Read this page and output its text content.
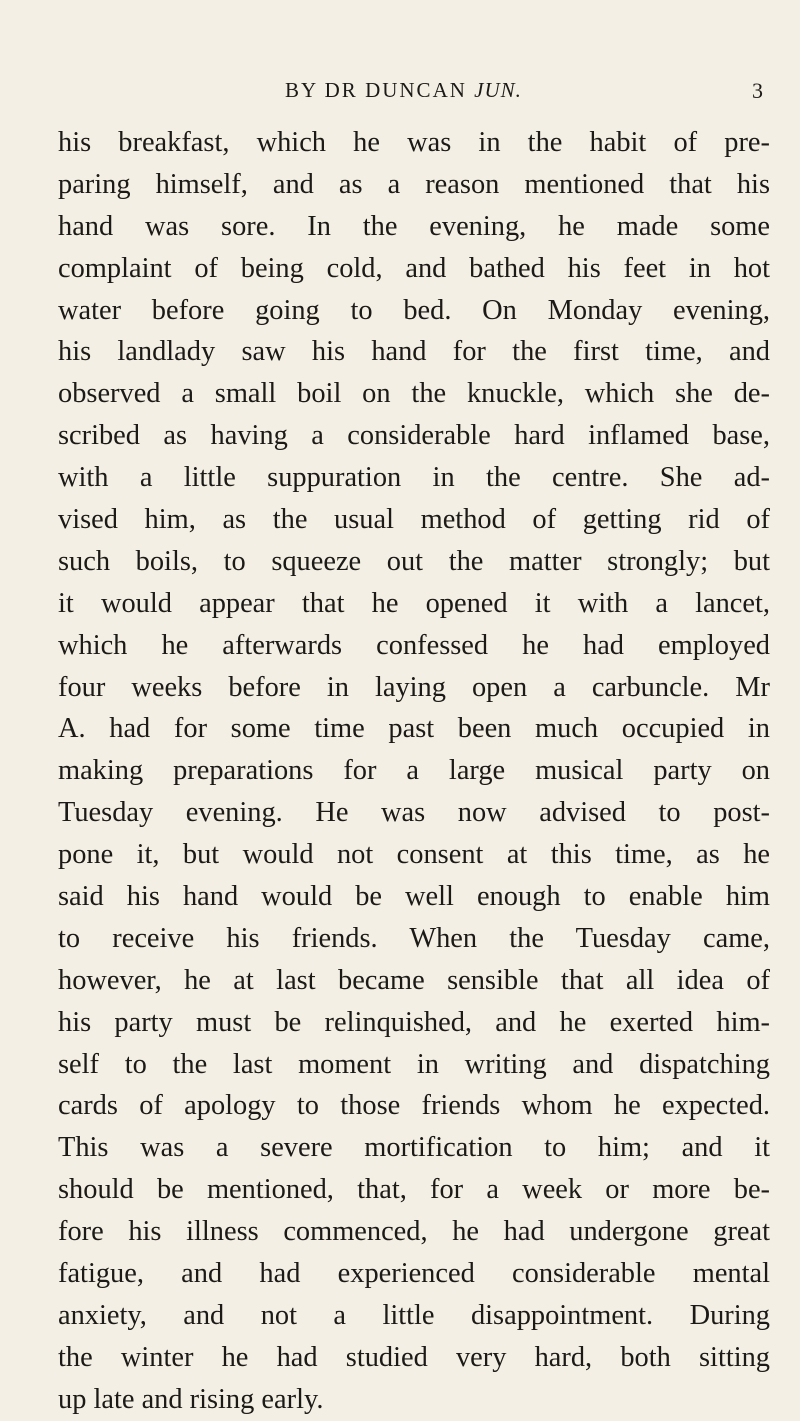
BY DR DUNCAN JUN.	3
his breakfast, which he was in the habit of pre-
paring himself, and as a reason mentioned that his
hand was sore. In the evening, he made some
complaint of being cold, and bathed his feet in hot
water before going to bed. On Monday evening,
his landlady saw his hand for the first time, and
observed a small boil on the knuckle, which she de-
scribed as having a considerable hard inflamed base,
with a little suppuration in the centre. She ad-
vised him, as the usual method of getting rid of
such boils, to squeeze out the matter strongly; but
it would appear that he opened it with a lancet,
which he afterwards confessed he had employed
four weeks before in laying open a carbuncle. Mr
A. had for some time past been much occupied in
making preparations for a large musical party on
Tuesday evening. He was now advised to post-
pone it, but would not consent at this time, as he
said his hand would be well enough to enable him
to receive his friends. When the Tuesday came,
however, he at last became sensible that all idea of
his party must be relinquished, and he exerted him-
self to the last moment in writing and dispatching
cards of apology to those friends whom he expected.
This was a severe mortification to him; and it
should be mentioned, that, for a week or more be-
fore his illness commenced, he had undergone great
fatigue, and had experienced considerable mental
anxiety, and not a little disappointment. During
the winter he had studied very hard, both sitting
up late and rising early.
